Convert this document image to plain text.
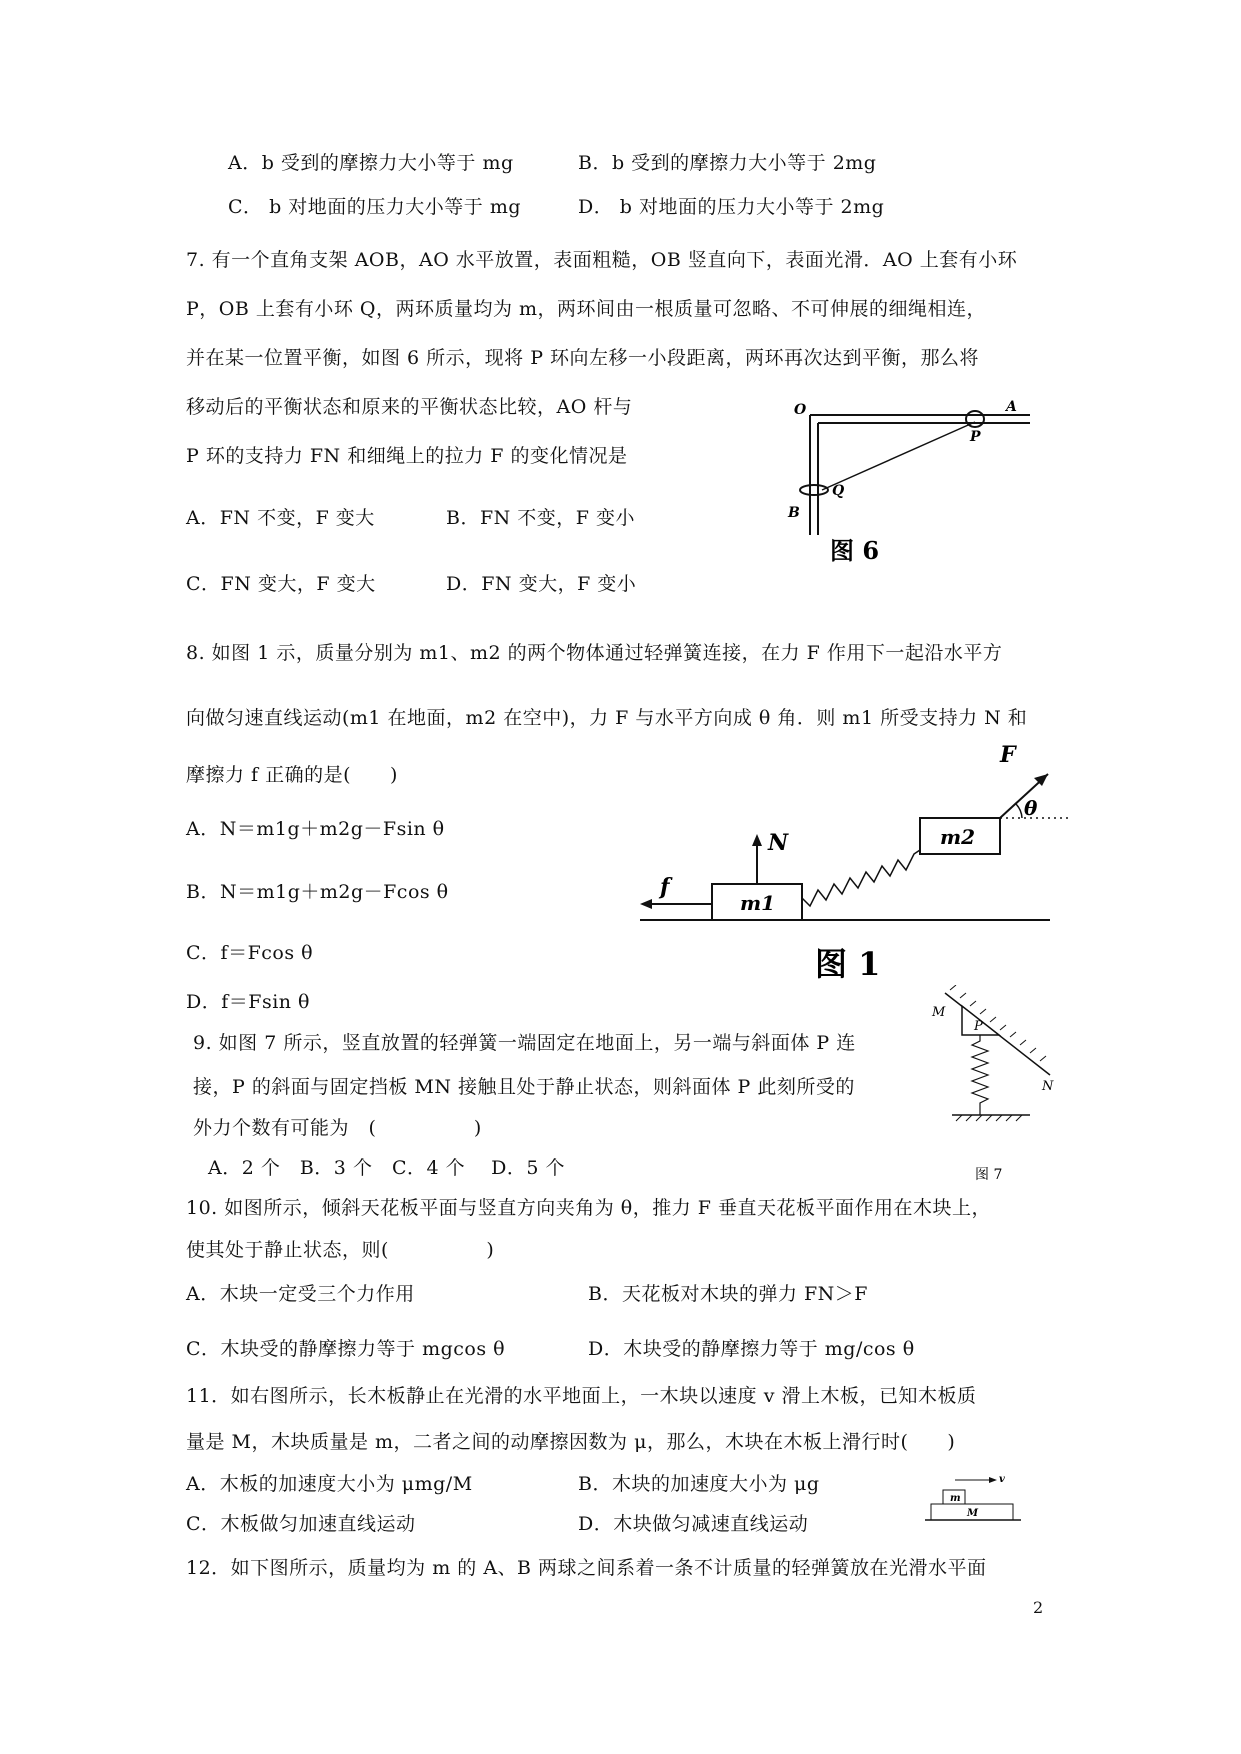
A．b 受到的摩擦力大小等于 mg	B．b 受到的摩擦力大小等于 2mg
C． b 对地面的压力大小等于 mg	D． b 对地面的压力大小等于 2mg
7. 有一个直角支架 AOB，AO 水平放置，表面粗糙，OB 竖直向下，表面光滑．AO 上套有小环
P，OB 上套有小环 Q，两环质量均为 m，两环间由一根质量可忽略、不可伸展的细绳相连，
并在某一位置平衡，如图 6 所示，现将 P 环向左移一小段距离，两环再次达到平衡，那么将
移动后的平衡状态和原来的平衡状态比较，AO 杆与
P 环的支持力 FN 和细绳上的拉力 F 的变化情况是
A．FN 不变，F 变大	B．FN 不变，F 变小
C．FN 变大，F 变大	D．FN 变大，F 变小
O	A
P
Q
B
图 6
8. 如图 1 示，质量分别为 m1、m2 的两个物体通过轻弹簧连接，在力 F 作用下一起沿水平方
向做匀速直线运动(m1 在地面，m2 在空中)，力 F 与水平方向成 θ 角．则 m1 所受支持力 N 和
摩擦力 f 正确的是(　　)
A．N＝m1g＋m2g－Fsin θ
B．N＝m1g＋m2g－Fcos θ
C．f＝Fcos θ
D．f＝Fsin θ
F
θ
N
f
m1
m2
图 1
9. 如图 7 所示，竖直放置的轻弹簧一端固定在地面上，另一端与斜面体 P 连
接，P 的斜面与固定挡板 MN 接触且处于静止状态，则斜面体 P 此刻所受的
外力个数有可能为　(　　　　　)
A．2 个　B．3 个　C．4 个　 D．5 个
M
P
N
图 7
10. 如图所示，倾斜天花板平面与竖直方向夹角为 θ，推力 F 垂直天花板平面作用在木块上，
使其处于静止状态，则(　　　　　)
A．木块一定受三个力作用	B．天花板对木块的弹力 FN＞F
C．木块受的静摩擦力等于 mgcos θ	D．木块受的静摩擦力等于 mg/cos θ
11．如右图所示，长木板静止在光滑的水平地面上，一木块以速度 v 滑上木板，已知木板质
量是 M，木块质量是 m，二者之间的动摩擦因数为 μ，那么，木块在木板上滑行时(　　)
A．木板的加速度大小为 μmg/M	B．木块的加速度大小为 μg
C．木板做匀加速直线运动	D．木块做匀减速直线运动
v
m
M
12．如下图所示，质量均为 m 的 A、B 两球之间系着一条不计质量的轻弹簧放在光滑水平面
2
